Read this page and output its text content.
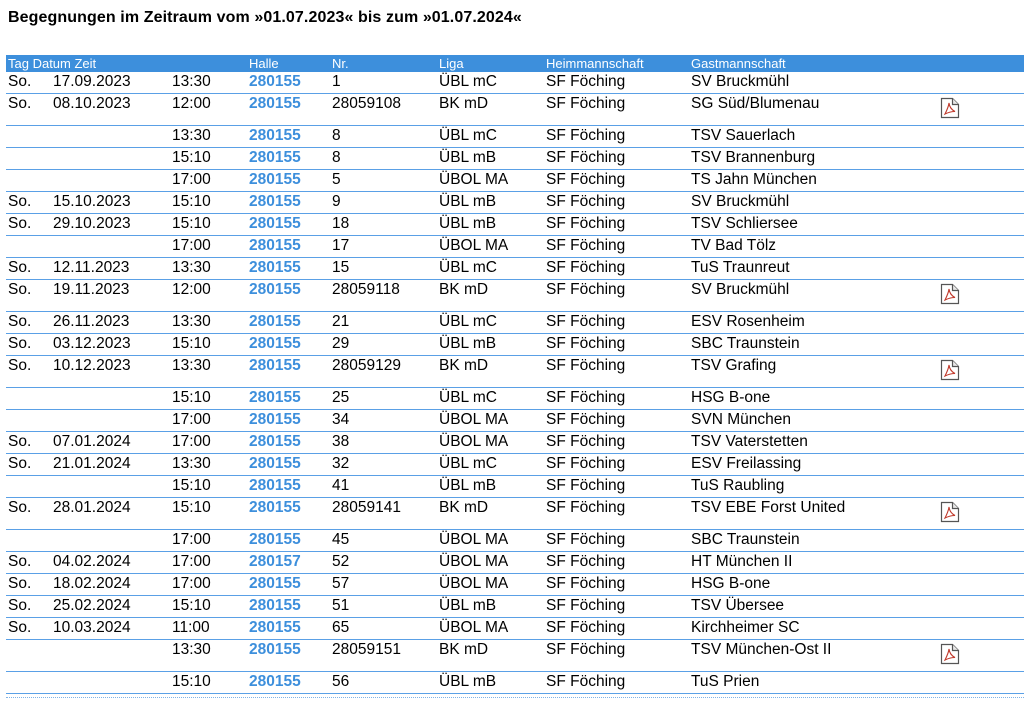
Begegnungen im Zeitraum vom »01.07.2023« bis zum »01.07.2024«
Tag Datum Zeit			Halle	Nr.	Liga	Heimmannschaft	Gastmannschaft	
So.	17.09.2023	13:30	280155	1	ÜBL mC	SF Föching	SV Bruckmühl	
So.	08.10.2023	12:00	280155	28059108	BK mD	SF Föching	SG Süd/Blumenau	
		13:30	280155	8	ÜBL mC	SF Föching	TSV Sauerlach	
		15:10	280155	8	ÜBL mB	SF Föching	TSV Brannenburg	
		17:00	280155	5	ÜBOL MA	SF Föching	TS Jahn München	
So.	15.10.2023	15:10	280155	9	ÜBL mB	SF Föching	SV Bruckmühl	
So.	29.10.2023	15:10	280155	18	ÜBL mB	SF Föching	TSV Schliersee	
		17:00	280155	17	ÜBOL MA	SF Föching	TV Bad Tölz	
So.	12.11.2023	13:30	280155	15	ÜBL mC	SF Föching	TuS Traunreut	
So.	19.11.2023	12:00	280155	28059118	BK mD	SF Föching	SV Bruckmühl	
So.	26.11.2023	13:30	280155	21	ÜBL mC	SF Föching	ESV Rosenheim	
So.	03.12.2023	15:10	280155	29	ÜBL mB	SF Föching	SBC Traunstein	
So.	10.12.2023	13:30	280155	28059129	BK mD	SF Föching	TSV Grafing	
		15:10	280155	25	ÜBL mC	SF Föching	HSG B-one	
		17:00	280155	34	ÜBOL MA	SF Föching	SVN München	
So.	07.01.2024	17:00	280155	38	ÜBOL MA	SF Föching	TSV Vaterstetten	
So.	21.01.2024	13:30	280155	32	ÜBL mC	SF Föching	ESV Freilassing	
		15:10	280155	41	ÜBL mB	SF Föching	TuS Raubling	
So.	28.01.2024	15:10	280155	28059141	BK mD	SF Föching	TSV EBE Forst United	
		17:00	280155	45	ÜBOL MA	SF Föching	SBC Traunstein	
So.	04.02.2024	17:00	280157	52	ÜBOL MA	SF Föching	HT München II	
So.	18.02.2024	17:00	280155	57	ÜBOL MA	SF Föching	HSG B-one	
So.	25.02.2024	15:10	280155	51	ÜBL mB	SF Föching	TSV Übersee	
So.	10.03.2024	11:00	280155	65	ÜBOL MA	SF Föching	Kirchheimer SC	
		13:30	280155	28059151	BK mD	SF Föching	TSV München-Ost II	
		15:10	280155	56	ÜBL mB	SF Föching	TuS Prien	
